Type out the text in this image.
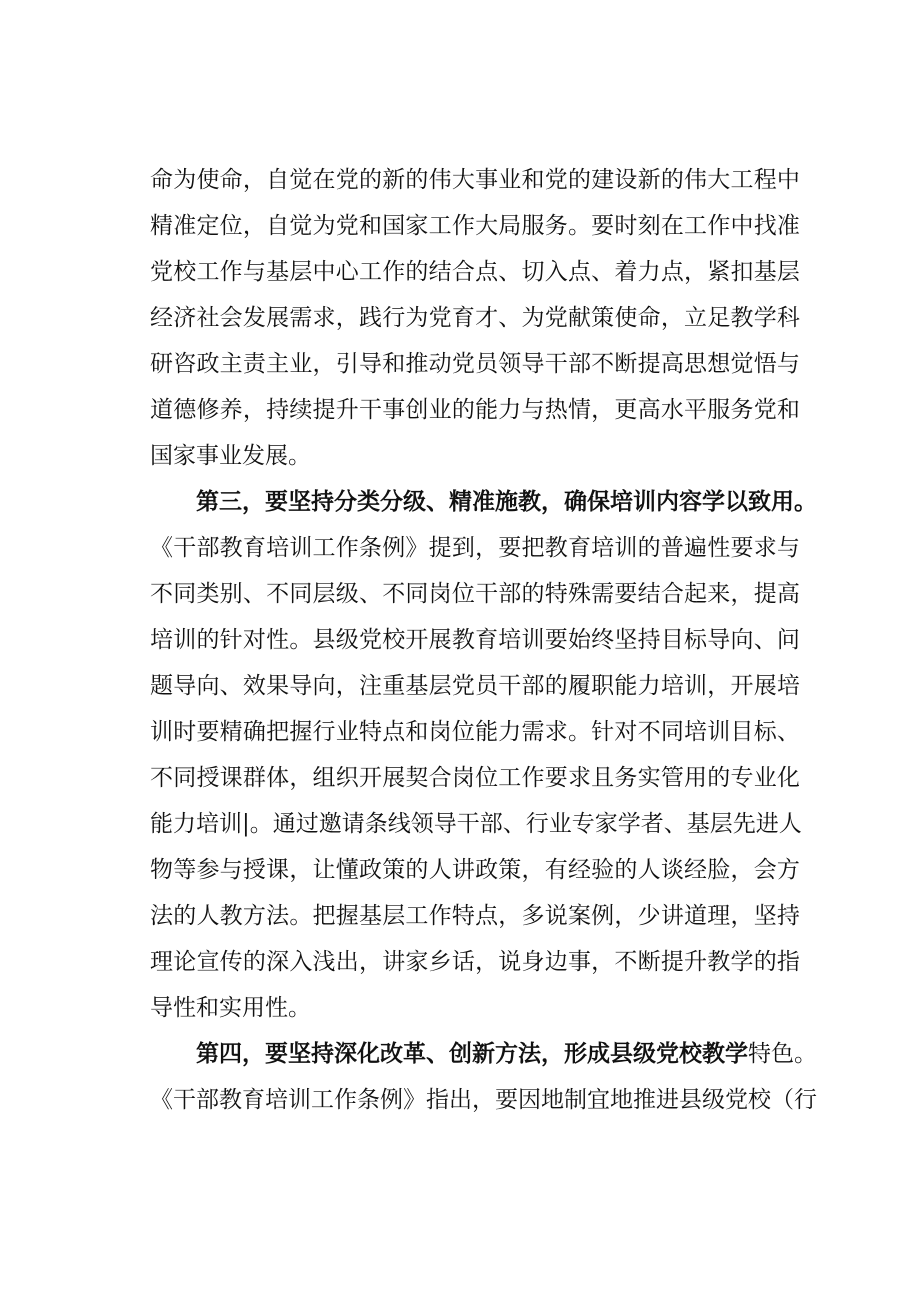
命 为 使 命 ， 自 觉 在 党 的 新 的 伟 大 事 业 和 党 的 建 设 新 的 伟 大 工 程 中
精 准 定 位 ， 自 觉 为 党 和 国 家 工 作 大 局 服 务 。 要 时 刻 在 工 作 中 找 准
党 校 工 作 与 基 层 中 心 工 作 的 结 合 点 、 切 入 点 、 着 力 点 ， 紧 扣 基 层
经 济 社 会 发 展 需 求 ， 践 行 为 党 育 才 、 为 党 献 策 使 命 ， 立 足 教 学 科
研 咨 政 主 责 主 业 ， 引 导 和 推 动 党 员 领 导 干 部 不 断 提 高 思 想 觉 悟 与
道 德 修 养 ， 持 续 提 升 干 事 创 业 的 能 力 与 热 情 ， 更 高 水 平 服 务 党 和
国家事业发展。
第 三 ， 要 坚 持 分 类 分 级 、 精 准 施 教 ， 确 保 培 训 内 容 学 以 致 用 。
《 干 部 教 育 培 训 工 作 条 例 》 提 到 ， 要 把 教 育 培 训 的 普 遍 性 要 求 与
不 同 类 别 、 不 同 层 级 、 不 同 岗 位 干 部 的 特 殊 需 要 结 合 起 来 ， 提 高
培 训 的 针 对 性 。 县 级 党 校 开 展 教 育 培 训 要 始 终 坚 持 目 标 导 向 、 问
题 导 向 、 效 果 导 向 ， 注 重 基 层 党 员 干 部 的 履 职 能 力 培 训 ， 开 展 培
训 时 要 精 确 把 握 行 业 特 点 和 岗 位 能 力 需 求 。 针 对 不 同 培 训 目 标 、
不 同 授 课 群 体 ， 组 织 开 展 契 合 岗 位 工 作 要 求 且 务 实 管 用 的 专 业 化
能 力 培 训 | 。 通 过 邀 请 条 线 领 导 干 部 、 行 业 专 家 学 者 、 基 层 先 进 人
物 等 参 与 授 课 ， 让 懂 政 策 的 人 讲 政 策 ， 有 经 验 的 人 谈 经 脸 ， 会 方
法 的 人 教 方 法 。 把 握 基 层 工 作 特 点 ， 多 说 案 例 ， 少 讲 道 理 ， 坚 持
理 论 宣 传 的 深 入 浅 出 ， 讲 家 乡 话 ， 说 身 边 事 ， 不 断 提 升 教 学 的 指
导性和实用性。
第四，要坚持深化改革、创新方法，形成县级党校教学 特色。
《 干 部 教 育 培 训 工 作 条 例 》 指 出 ， 要 因 地 制 宜 地 推 进 县 级 党 校 （ 行
